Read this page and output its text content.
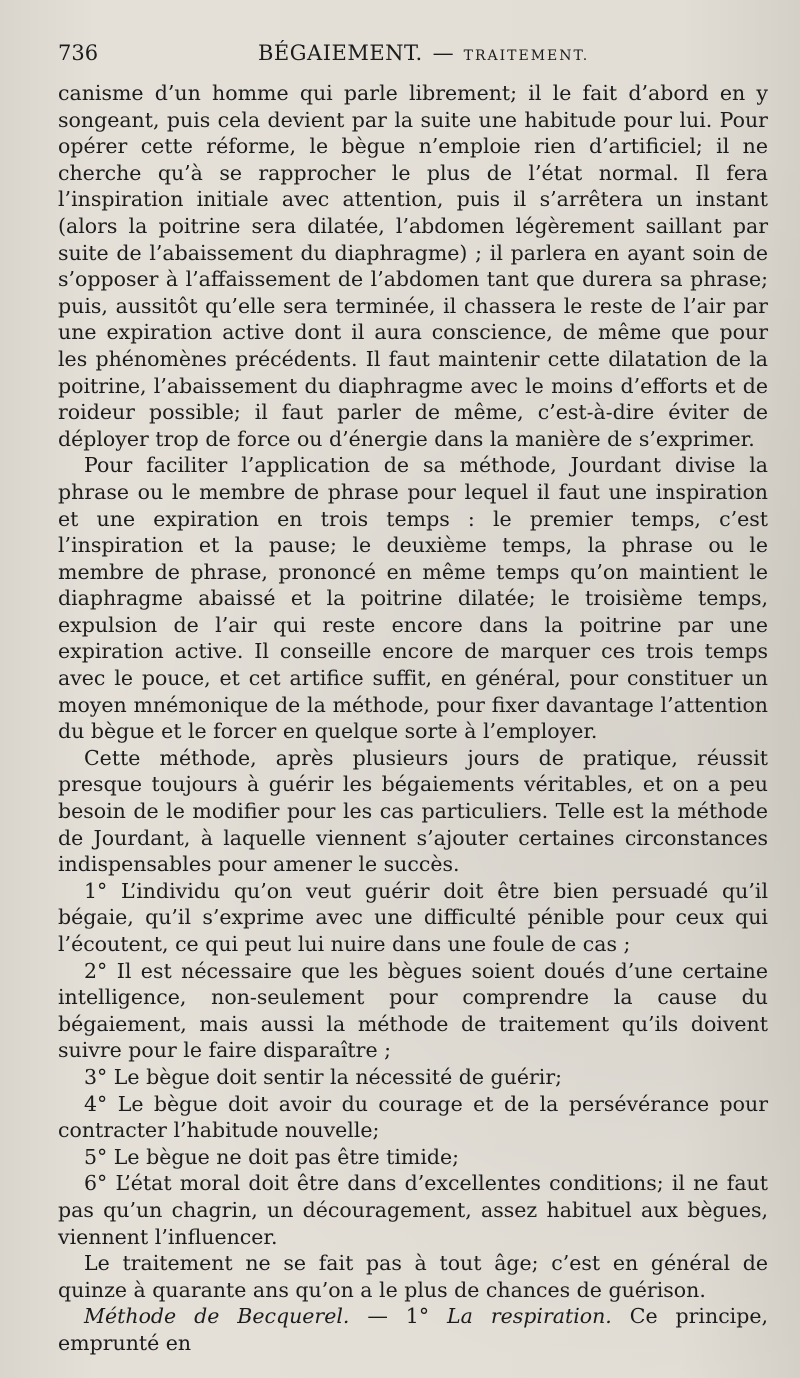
736	BÉGAIEMENT. — TRAITEMENT.

canisme d’un homme qui parle librement; il le fait d’abord en y songeant, puis cela devient par la suite une habitude pour lui. Pour opérer cette réforme, le bègue n’emploie rien d’artificiel; il ne cherche qu’à se rapprocher le plus de l’état normal. Il fera l’inspiration initiale avec attention, puis il s’arrêtera un instant (alors la poitrine sera dilatée, l’abdomen légèrement saillant par suite de l’abaissement du diaphragme) ; il parlera en ayant soin de s’opposer à l’affaissement de l’abdomen tant que durera sa phrase; puis, aussitôt qu’elle sera terminée, il chassera le reste de l’air par une expiration active dont il aura conscience, de même que pour les phénomènes précédents. Il faut maintenir cette dilatation de la poitrine, l’abaissement du diaphragme avec le moins d’efforts et de roideur possible; il faut parler de même, c’est-à-dire éviter de déployer trop de force ou d’énergie dans la manière de s’exprimer.

Pour faciliter l’application de sa méthode, Jourdant divise la phrase ou le membre de phrase pour lequel il faut une inspiration et une expiration en trois temps : le premier temps, c’est l’inspiration et la pause; le deuxième temps, la phrase ou le membre de phrase, prononcé en même temps qu’on maintient le diaphragme abaissé et la poitrine dilatée; le troisième temps, expulsion de l’air qui reste encore dans la poitrine par une expiration active. Il conseille encore de marquer ces trois temps avec le pouce, et cet artifice suffit, en général, pour constituer un moyen mnémonique de la méthode, pour fixer davantage l’attention du bègue et le forcer en quelque sorte à l’employer.

Cette méthode, après plusieurs jours de pratique, réussit presque toujours à guérir les bégaiements véritables, et on a peu besoin de le modifier pour les cas particuliers. Telle est la méthode de Jourdant, à laquelle viennent s’ajouter certaines circonstances indispensables pour amener le succès.

1° L’individu qu’on veut guérir doit être bien persuadé qu’il bégaie, qu’il s’exprime avec une difficulté pénible pour ceux qui l’écoutent, ce qui peut lui nuire dans une foule de cas ;

2° Il est nécessaire que les bègues soient doués d’une certaine intelligence, non-seulement pour comprendre la cause du bégaiement, mais aussi la méthode de traitement qu’ils doivent suivre pour le faire disparaître ;

3° Le bègue doit sentir la nécessité de guérir;

4° Le bègue doit avoir du courage et de la persévérance pour contracter l’habitude nouvelle;

5° Le bègue ne doit pas être timide;

6° L’état moral doit être dans d’excellentes conditions; il ne faut pas qu’un chagrin, un découragement, assez habituel aux bègues, viennent l’influencer.

Le traitement ne se fait pas à tout âge; c’est en général de quinze à quarante ans qu’on a le plus de chances de guérison.

Méthode de Becquerel. — 1° La respiration. Ce principe, emprunté en
